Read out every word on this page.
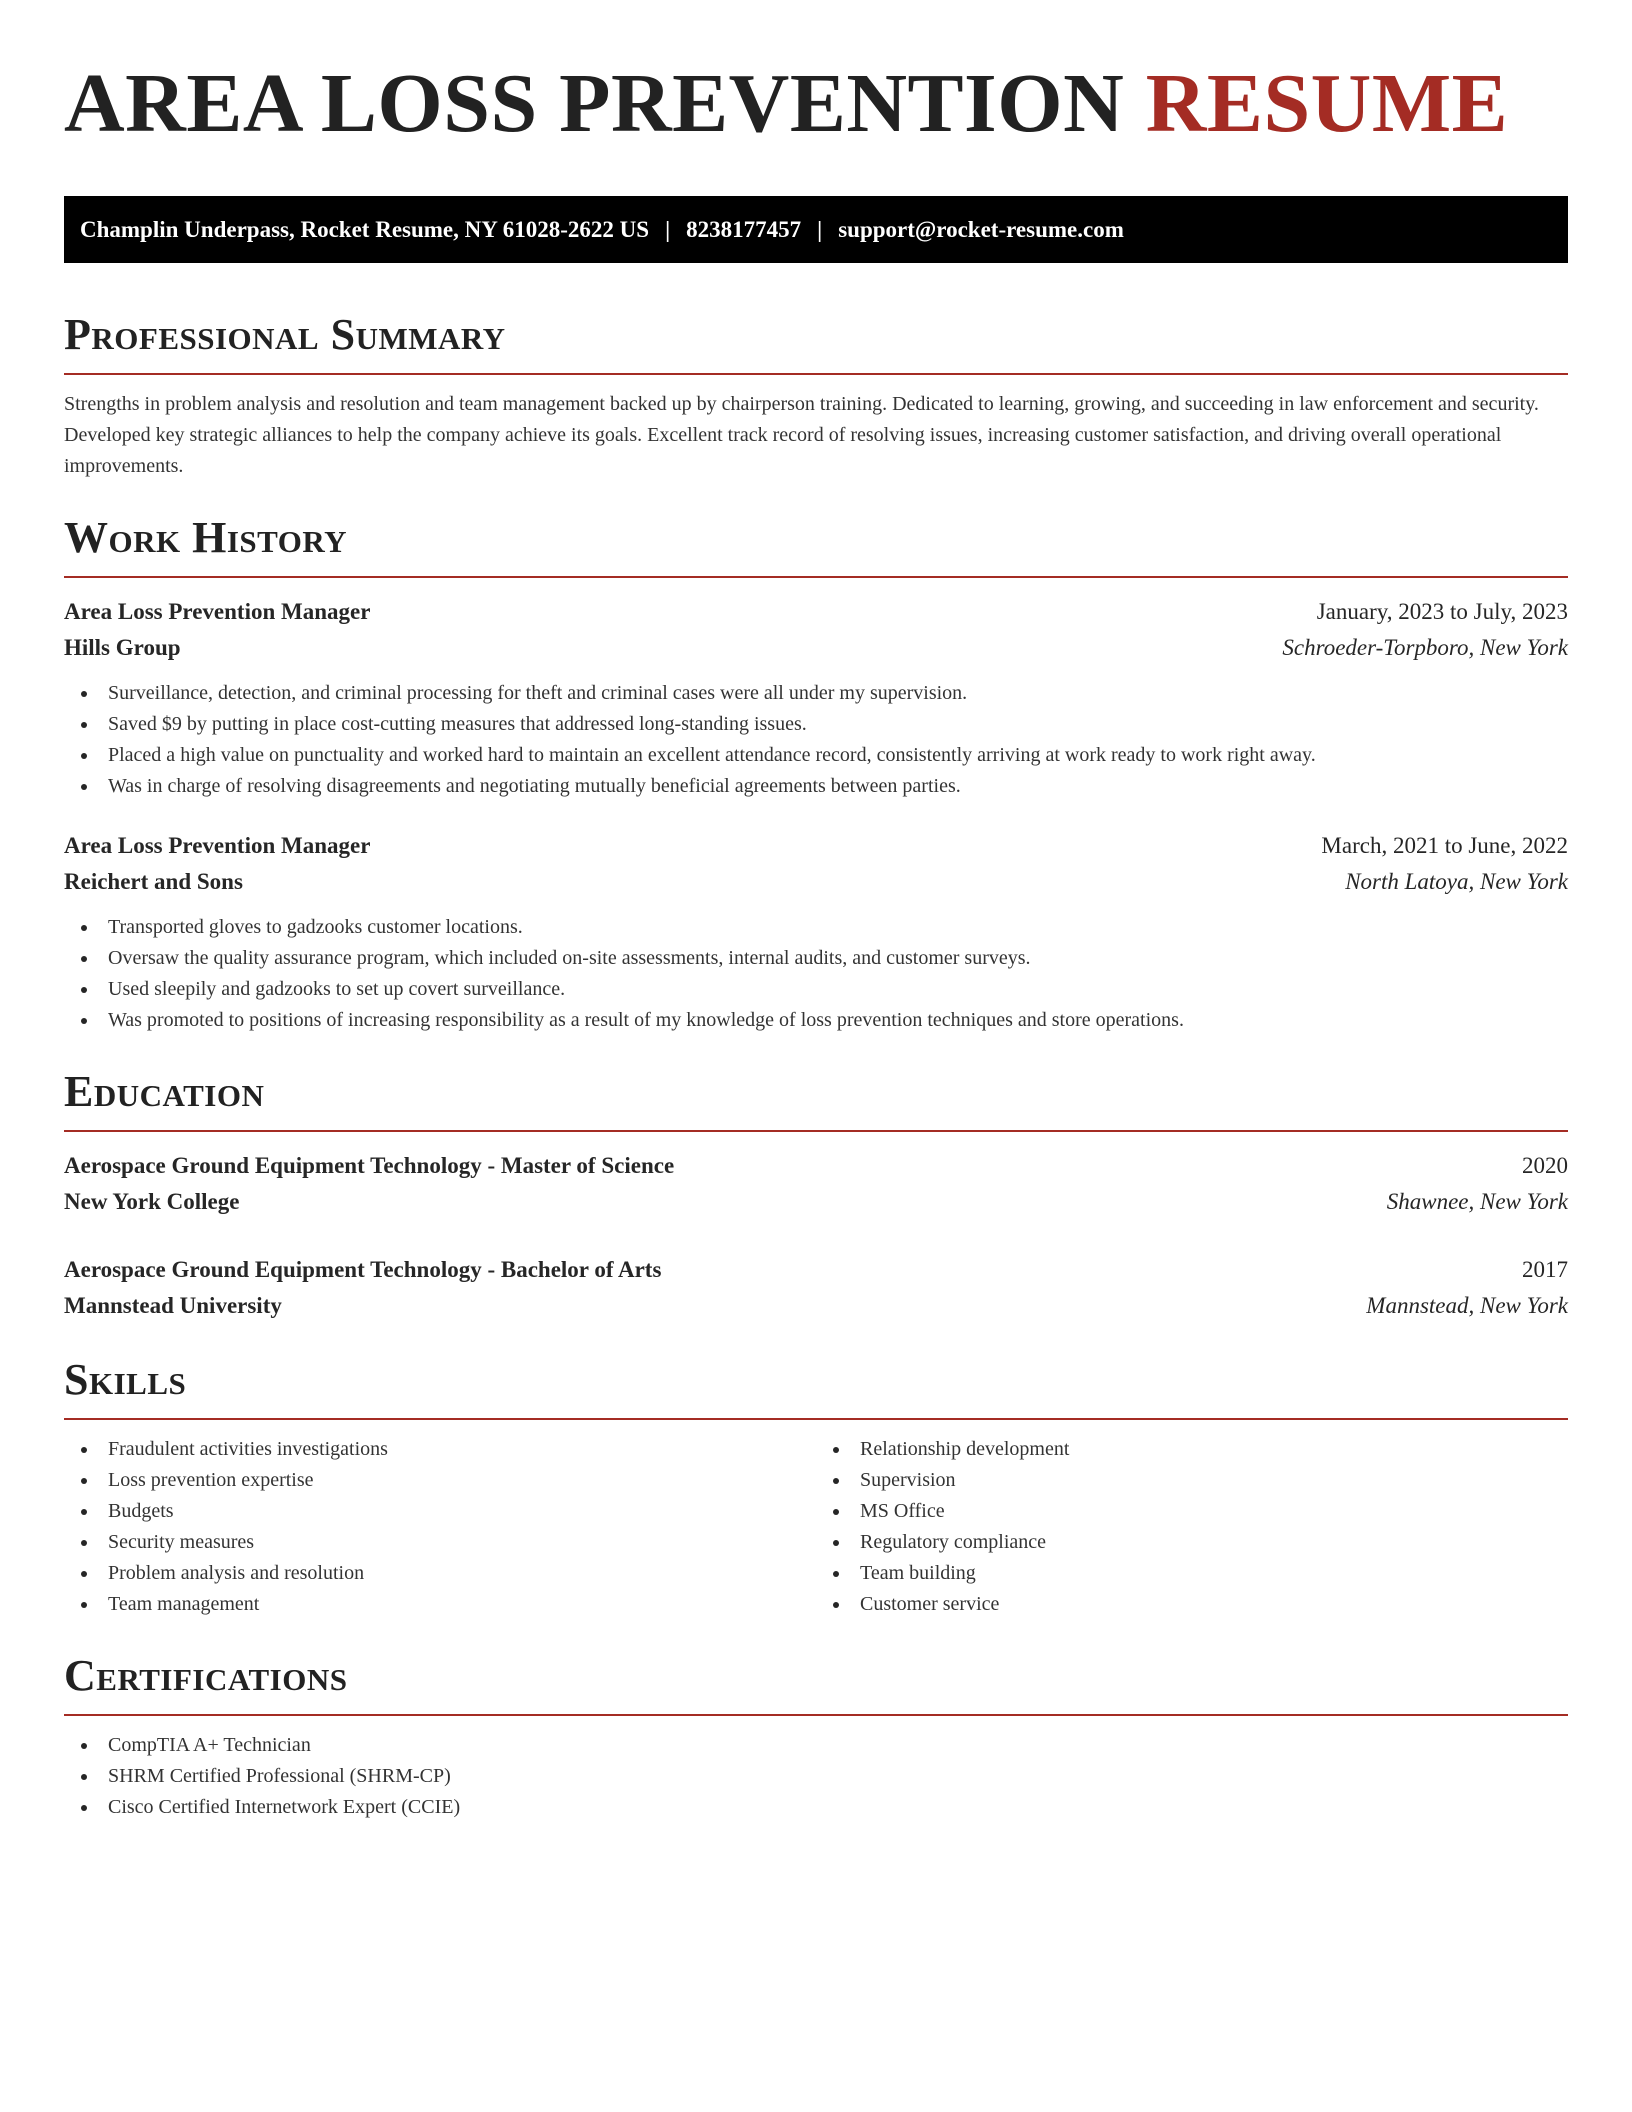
AREA LOSS PREVENTION RESUME
Champlin Underpass, Rocket Resume, NY 61028-2622 US | 8238177457 | support@rocket-resume.com
Professional Summary

Strengths in problem analysis and resolution and team management backed up by chairperson training. Dedicated to learning, growing, and succeeding in law enforcement and security. Developed key strategic alliances to help the company achieve its goals. Excellent track record of resolving issues, increasing customer satisfaction, and driving overall operational improvements.

Work History
Area Loss Prevention Manager	January, 2023 to July, 2023
Hills Group	Schroeder-Torpboro, New York
Surveillance, detection, and criminal processing for theft and criminal cases were all under my supervision.
Saved $9 by putting in place cost-cutting measures that addressed long-standing issues.
Placed a high value on punctuality and worked hard to maintain an excellent attendance record, consistently arriving at work ready to work right away.
Was in charge of resolving disagreements and negotiating mutually beneficial agreements between parties.
Area Loss Prevention Manager	March, 2021 to June, 2022
Reichert and Sons	North Latoya, New York
Transported gloves to gadzooks customer locations.
Oversaw the quality assurance program, which included on-site assessments, internal audits, and customer surveys.
Used sleepily and gadzooks to set up covert surveillance.
Was promoted to positions of increasing responsibility as a result of my knowledge of loss prevention techniques and store operations.
Education
Aerospace Ground Equipment Technology - Master of Science	2020
New York College	Shawnee, New York
Aerospace Ground Equipment Technology - Bachelor of Arts	2017
Mannstead University	Mannstead, New York
Skills
Fraudulent activities investigations
Loss prevention expertise
Budgets
Security measures
Problem analysis and resolution
Team management
Relationship development
Supervision
MS Office
Regulatory compliance
Team building
Customer service
Certifications
CompTIA A+ Technician
SHRM Certified Professional (SHRM-CP)
Cisco Certified Internetwork Expert (CCIE)
